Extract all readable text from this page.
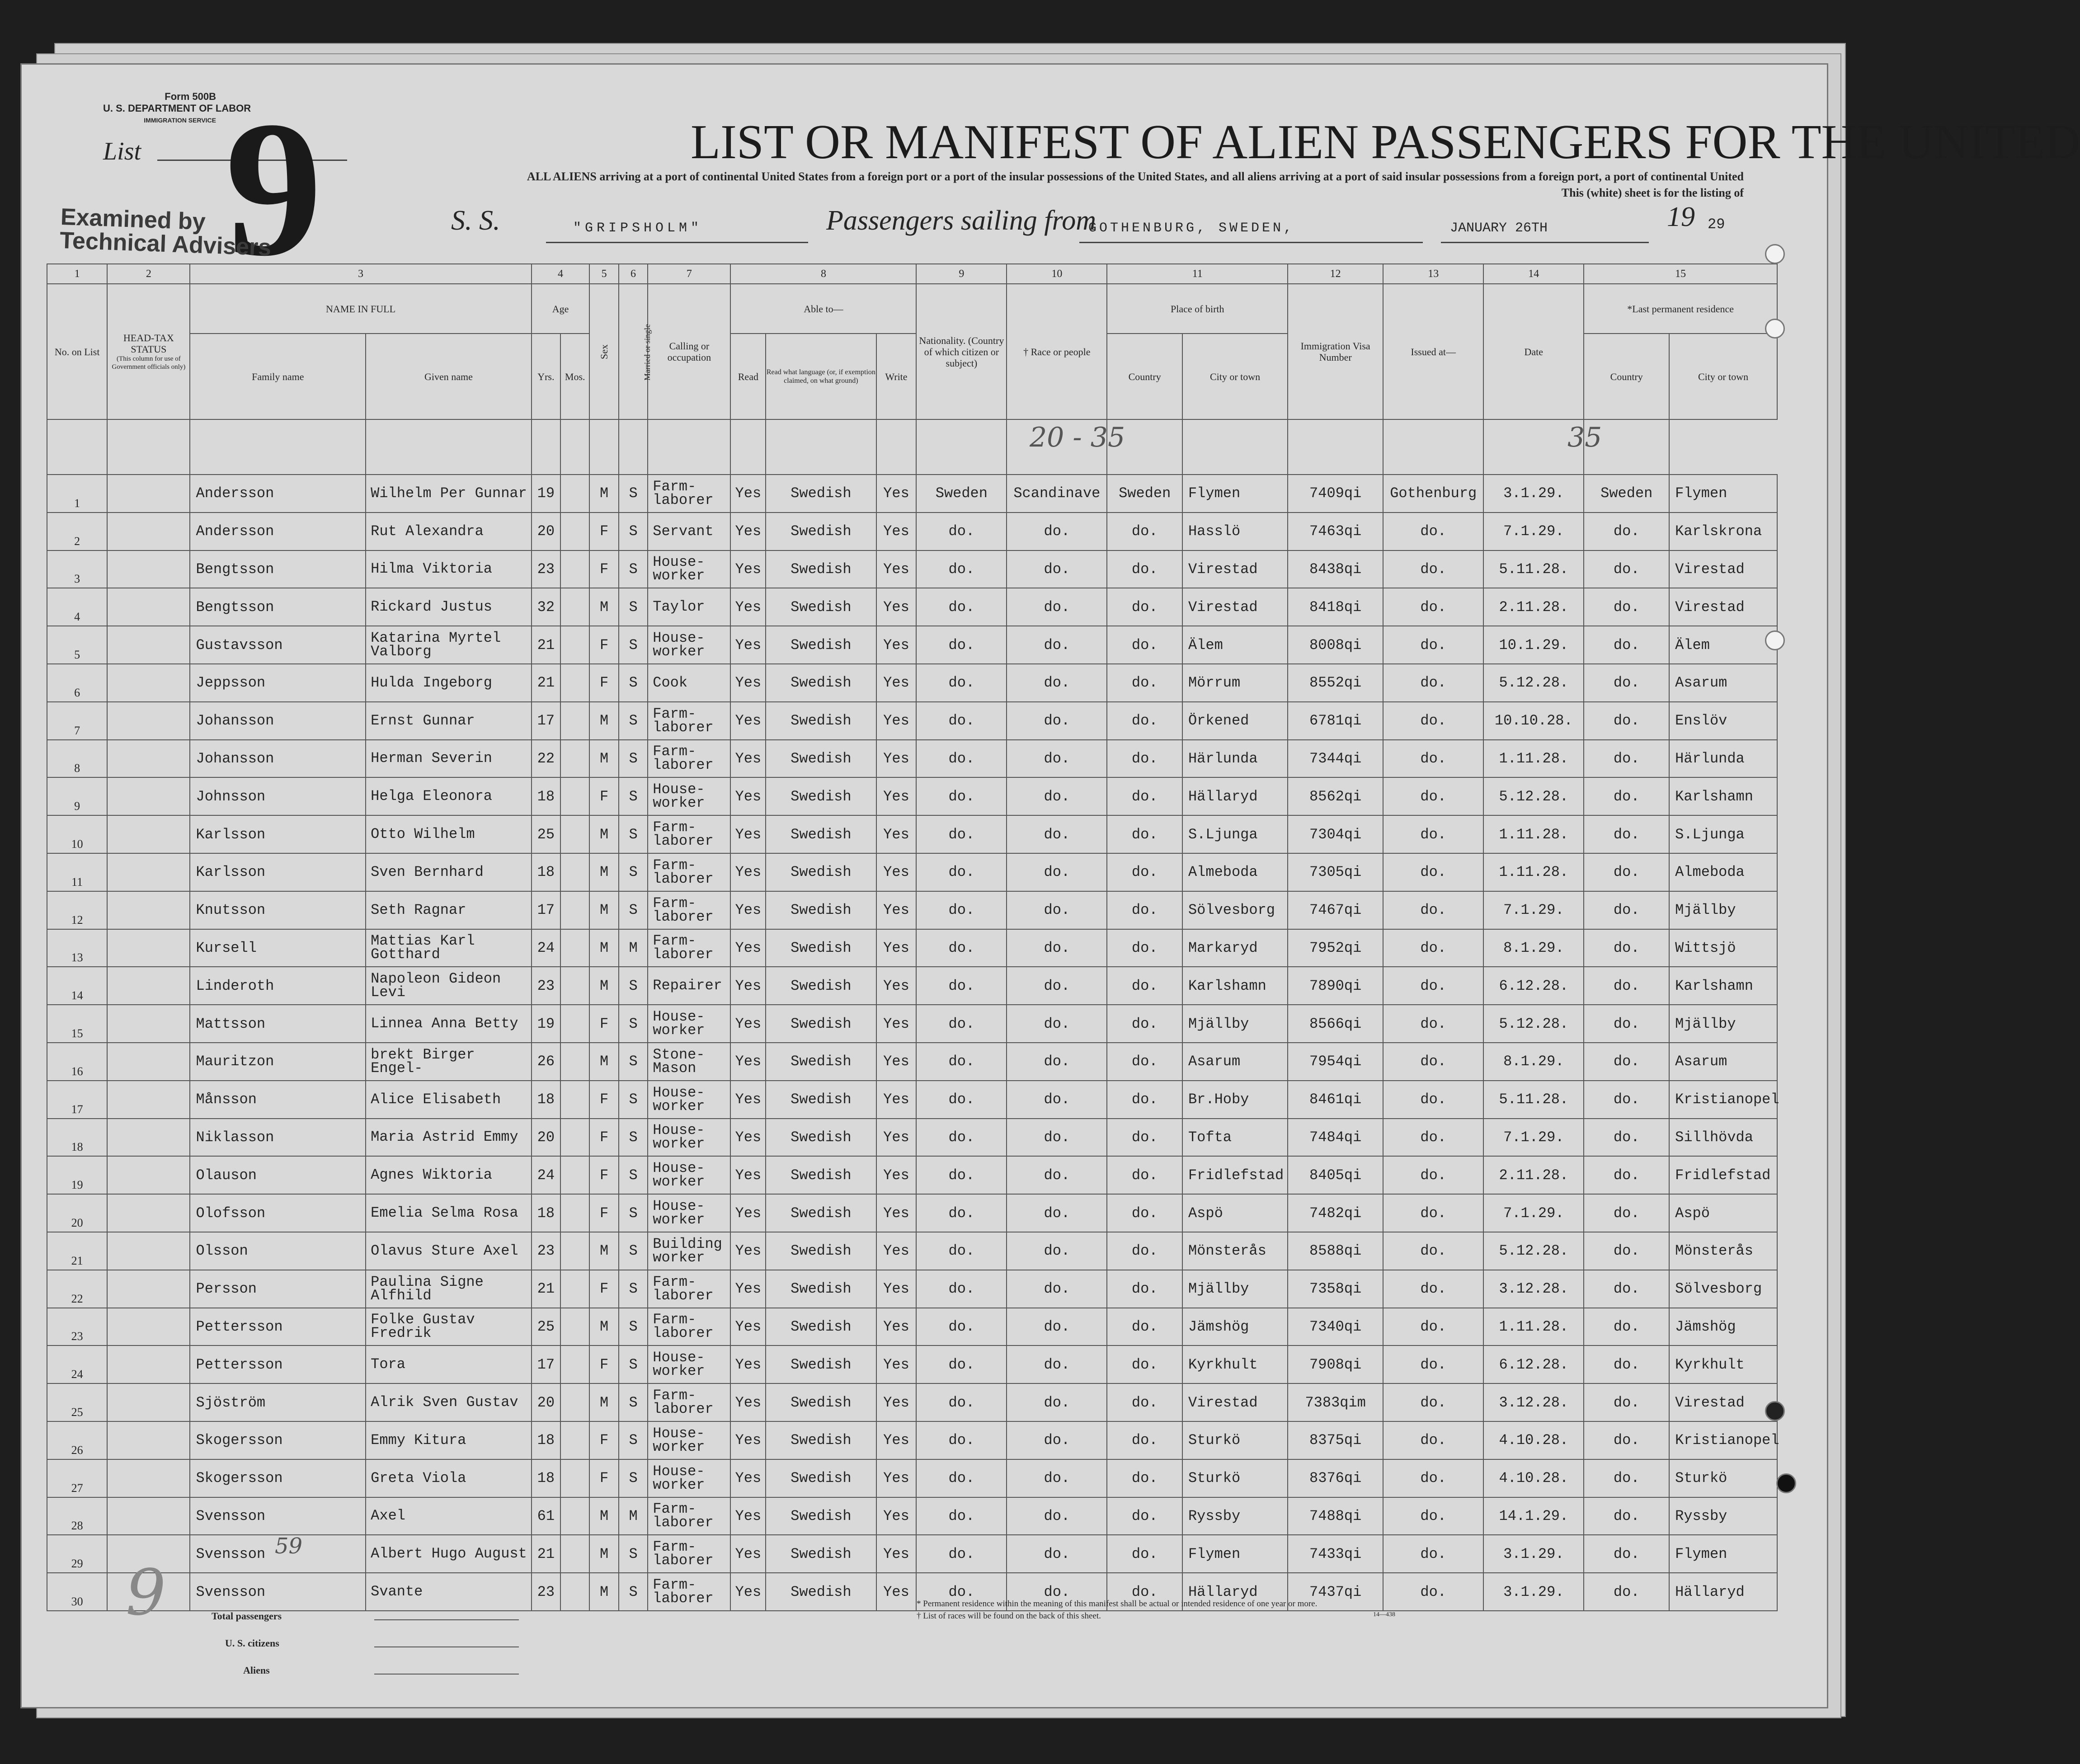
Form 500B
U. S. DEPARTMENT OF LABOR
IMMIGRATION SERVICE
List 9
Examined by Technical Advisers
LIST OR MANIFEST OF ALIEN PASSENGERS FOR THE UNITED
ALL ALIENS arriving at a port of continental United States from a foreign port or a port of the insular possessions of the United States, and all aliens arriving at a port of said insular possessions from a foreign port, a port of continental United
This (white) sheet is for the listing of
S. S.	"GRIPSHOLM"	Passengers sailing from
GOTHENBURG, SWEDEN,	JANUARY 26TH	19 29
1	2	3		4		5	6	7	8			9	10	11		12	13	14	15	
No. on List	HEAD-TAX STATUS
(This column for use of Government officials only)	NAME IN FULL		Age		Sex	Married or single	Calling or occupation	Able to—			Nationality. (Country of which citizen or subject)	† Race or people	Place of birth		Immigration Visa Number	Issued at—	Date	*Last permanent residence	
		Family name	Given name	Yrs.	Mos.				Read	Read what language (or, if exemption claimed, on what ground)	Write			Country	City or town				Country	City or town

1		Andersson	Wilhelm Per Gunnar	19		M	S	Farm- laborer	Yes	Swedish	Yes	Sweden	Scandinave	Sweden	Flymen	7409qi	Gothenburg	3.1.29.	Sweden	Flymen
2		Andersson	Rut Alexandra	20		F	S	Servant	Yes	Swedish	Yes	do.	do.	do.	Hasslö	7463qi	do.	7.1.29.	do.	Karlskrona
3		Bengtsson	Hilma Viktoria	23		F	S	House- worker	Yes	Swedish	Yes	do.	do.	do.	Virestad	8438qi	do.	5.11.28.	do.	Virestad
4		Bengtsson	Rickard Justus	32		M	S	Taylor	Yes	Swedish	Yes	do.	do.	do.	Virestad	8418qi	do.	2.11.28.	do.	Virestad
5		Gustavsson	Katarina Myrtel Valborg	21		F	S	House- worker	Yes	Swedish	Yes	do.	do.	do.	Älem	8008qi	do.	10.1.29.	do.	Älem
6		Jeppsson	Hulda Ingeborg	21		F	S	Cook	Yes	Swedish	Yes	do.	do.	do.	Mörrum	8552qi	do.	5.12.28.	do.	Asarum
7		Johansson	Ernst Gunnar	17		M	S	Farm- laborer	Yes	Swedish	Yes	do.	do.	do.	Örkened	6781qi	do.	10.10.28.	do.	Enslöv
8		Johansson	Herman Severin	22		M	S	Farm- laborer	Yes	Swedish	Yes	do.	do.	do.	Härlunda	7344qi	do.	1.11.28.	do.	Härlunda
9		Johnsson	Helga Eleonora	18		F	S	House- worker	Yes	Swedish	Yes	do.	do.	do.	Hällaryd	8562qi	do.	5.12.28.	do.	Karlshamn
10		Karlsson	Otto Wilhelm	25		M	S	Farm- laborer	Yes	Swedish	Yes	do.	do.	do.	S.Ljunga	7304qi	do.	1.11.28.	do.	S.Ljunga
11		Karlsson	Sven Bernhard	18		M	S	Farm- laborer	Yes	Swedish	Yes	do.	do.	do.	Almeboda	7305qi	do.	1.11.28.	do.	Almeboda
12		Knutsson	Seth Ragnar	17		M	S	Farm- laborer	Yes	Swedish	Yes	do.	do.	do.	Sölvesborg	7467qi	do.	7.1.29.	do.	Mjällby
13		Kursell	Mattias Karl Gotthard	24		M	M	Farm- laborer	Yes	Swedish	Yes	do.	do.	do.	Markaryd	7952qi	do.	8.1.29.	do.	Wittsjö
14		Linderoth	Napoleon Gideon Levi	23		M	S	Repairer	Yes	Swedish	Yes	do.	do.	do.	Karlshamn	7890qi	do.	6.12.28.	do.	Karlshamn
15		Mattsson	Linnea Anna Betty	19		F	S	House- worker	Yes	Swedish	Yes	do.	do.	do.	Mjällby	8566qi	do.	5.12.28.	do.	Mjällby
16		Mauritzon	brekt Birger Engel-	26		M	S	Stone- Mason	Yes	Swedish	Yes	do.	do.	do.	Asarum	7954qi	do.	8.1.29.	do.	Asarum
17		Månsson	Alice Elisabeth	18		F	S	House- worker	Yes	Swedish	Yes	do.	do.	do.	Br.Hoby	8461qi	do.	5.11.28.	do.	Kristianopel
18		Niklasson	Maria Astrid Emmy	20		F	S	House- worker	Yes	Swedish	Yes	do.	do.	do.	Tofta	7484qi	do.	7.1.29.	do.	Sillhövda
19		Olauson	Agnes Wiktoria	24		F	S	House- worker	Yes	Swedish	Yes	do.	do.	do.	Fridlefstad	8405qi	do.	2.11.28.	do.	Fridlefstad
20		Olofsson	Emelia Selma Rosa	18		F	S	House- worker	Yes	Swedish	Yes	do.	do.	do.	Aspö	7482qi	do.	7.1.29.	do.	Aspö
21		Olsson	Olavus Sture Axel	23		M	S	Building worker	Yes	Swedish	Yes	do.	do.	do.	Mönsterås	8588qi	do.	5.12.28.	do.	Mönsterås
22		Persson	Paulina Signe Alfhild	21		F	S	Farm- laborer	Yes	Swedish	Yes	do.	do.	do.	Mjällby	7358qi	do.	3.12.28.	do.	Sölvesborg
23		Pettersson	Folke Gustav Fredrik	25		M	S	Farm- laborer	Yes	Swedish	Yes	do.	do.	do.	Jämshög	7340qi	do.	1.11.28.	do.	Jämshög
24		Pettersson	Tora	17		F	S	House- worker	Yes	Swedish	Yes	do.	do.	do.	Kyrkhult	7908qi	do.	6.12.28.	do.	Kyrkhult
25		Sjöström	Alrik Sven Gustav	20		M	S	Farm- laborer	Yes	Swedish	Yes	do.	do.	do.	Virestad	7383qim	do.	3.12.28.	do.	Virestad
26		Skogersson	Emmy Kitura	18		F	S	House- worker	Yes	Swedish	Yes	do.	do.	do.	Sturkö	8375qi	do.	4.10.28.	do.	Kristianopel
27		Skogersson	Greta Viola	18		F	S	House- worker	Yes	Swedish	Yes	do.	do.	do.	Sturkö	8376qi	do.	4.10.28.	do.	Sturkö
28		Svensson	Axel	61		M	M	Farm- laborer	Yes	Swedish	Yes	do.	do.	do.	Ryssby	7488qi	do.	14.1.29.	do.	Ryssby
29		Svensson	Albert Hugo August	21		M	S	Farm- laborer	Yes	Swedish	Yes	do.	do.	do.	Flymen	7433qi	do.	3.1.29.	do.	Flymen
30		Svensson	Svante	23		M	S	Farm- laborer	Yes	Swedish	Yes	do.	do.	do.	Hällaryd	7437qi	do.	3.1.29.	do.	Hällaryd
20 - 35	35
59
9	Total passengers
U. S. citizens
Aliens
* Permanent residence within the meaning of this manifest shall be actual or intended residence of one year or more.
† List of races will be found on the back of this sheet.	14—438
